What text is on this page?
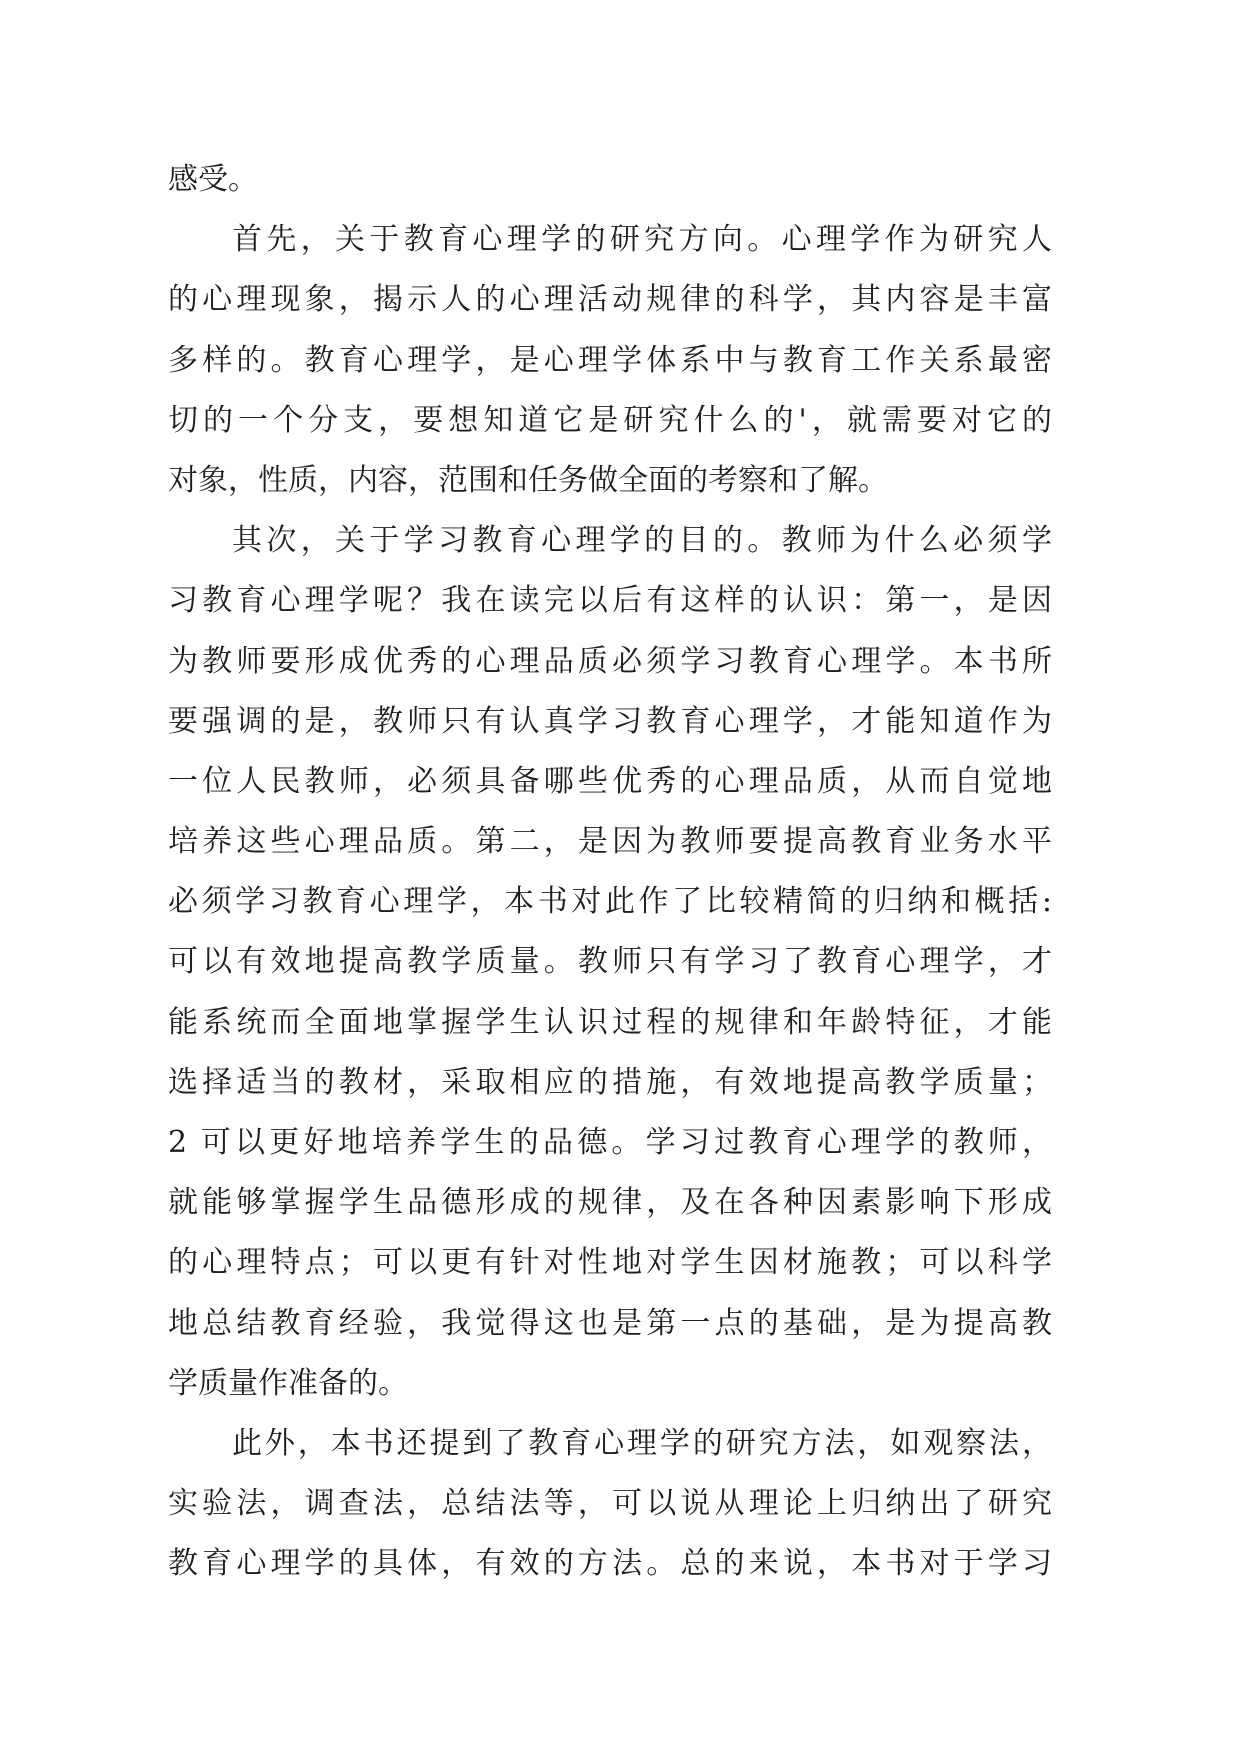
感受。
首先，关于教育心理学的研究方向。心理学作为研究人
的心理现象，揭示人的心理活动规律的科学，其内容是丰富
多样的。教育心理学，是心理学体系中与教育工作关系最密
切的一个分支，要想知道它是研究什么的'，就需要对它的
对象，性质，内容，范围和任务做全面的考察和了解。
其次，关于学习教育心理学的目的。教师为什么必须学
习教育心理学呢？我在读完以后有这样的认识：第一，是因
为教师要形成优秀的心理品质必须学习教育心理学。本书所
要强调的是，教师只有认真学习教育心理学，才能知道作为
一位人民教师，必须具备哪些优秀的心理品质，从而自觉地
培养这些心理品质。第二，是因为教师要提高教育业务水平
必须学习教育心理学，本书对此作了比较精简的归纳和概括:
可以有效地提高教学质量。教师只有学习了教育心理学，才
能系统而全面地掌握学生认识过程的规律和年龄特征，才能
选择适当的教材，采取相应的措施，有效地提高教学质量；
2 可以更好地培养学生的品德。学习过教育心理学的教师，
就能够掌握学生品德形成的规律，及在各种因素影响下形成
的心理特点；可以更有针对性地对学生因材施教；可以科学
地总结教育经验，我觉得这也是第一点的基础，是为提高教
学质量作准备的。
此外，本书还提到了教育心理学的研究方法，如观察法，
实验法，调查法，总结法等，可以说从理论上归纳出了研究
教育心理学的具体，有效的方法。总的来说，本书对于学习
